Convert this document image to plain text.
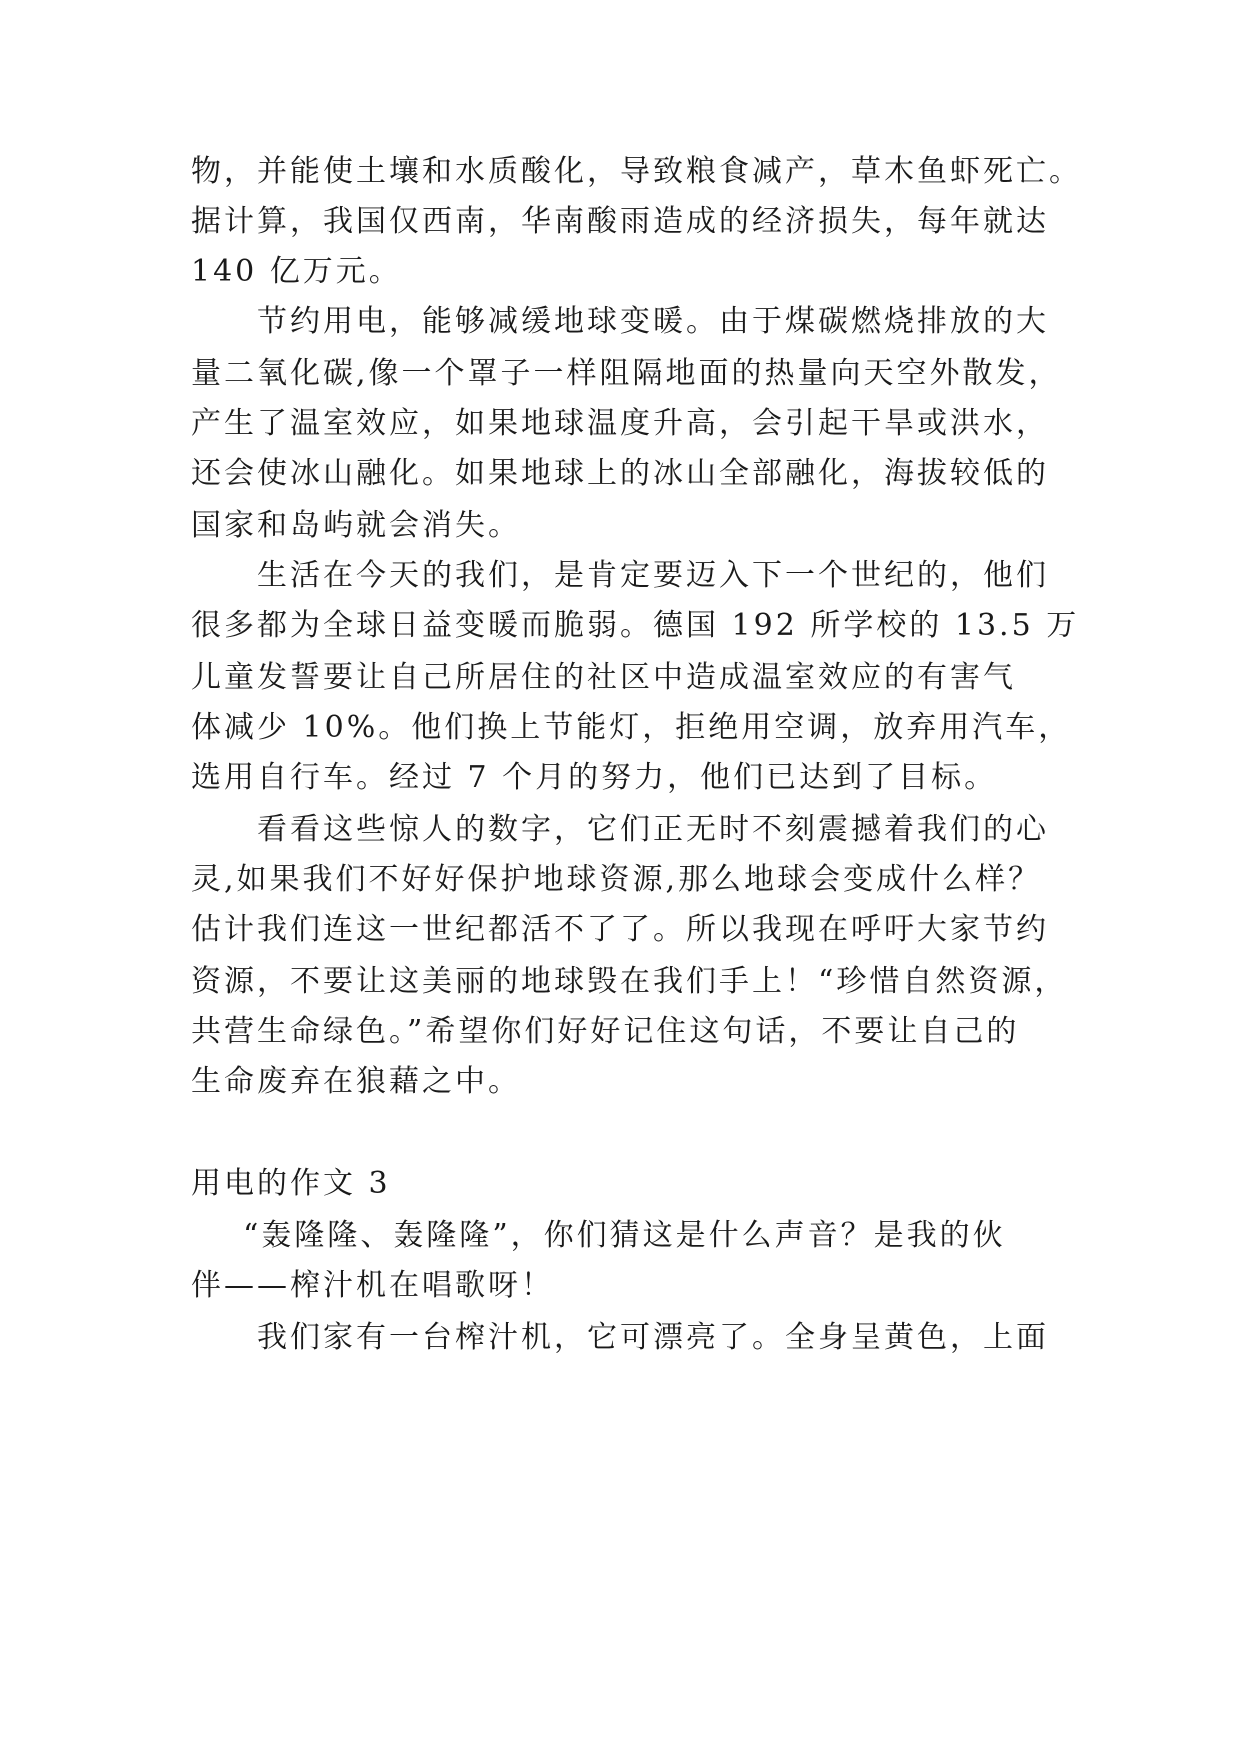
物，并能使土壤和水质酸化，导致粮食减产，草木鱼虾死亡。
据计算，我国仅西南，华南酸雨造成的经济损失，每年就达
140 亿万元。
节约用电，能够减缓地球变暖。由于煤碳燃烧排放的大
量二氧化碳,像一个罩子一样阻隔地面的热量向天空外散发，
产生了温室效应，如果地球温度升高，会引起干旱或洪水，
还会使冰山融化。如果地球上的冰山全部融化，海拔较低的
国家和岛屿就会消失。
生活在今天的我们，是肯定要迈入下一个世纪的，他们
很多都为全球日益变暖而脆弱。德国 192 所学校的 13.5 万
儿童发誓要让自己所居住的社区中造成温室效应的有害气
体减少 10%。他们换上节能灯，拒绝用空调，放弃用汽车，
选用自行车。经过 7 个月的努力，他们已达到了目标。
看看这些惊人的数字，它们正无时不刻震撼着我们的心
灵,如果我们不好好保护地球资源,那么地球会变成什么样？
估计我们连这一世纪都活不了了。所以我现在呼吁大家节约
资源，不要让这美丽的地球毁在我们手上！“珍惜自然资源，
共营生命绿色。”希望你们好好记住这句话，不要让自己的
生命废弃在狼藉之中。
用电的作文 3
“轰隆隆、轰隆隆”，你们猜这是什么声音？是我的伙
伴——榨汁机在唱歌呀！
我们家有一台榨汁机，它可漂亮了。全身呈黄色，上面
